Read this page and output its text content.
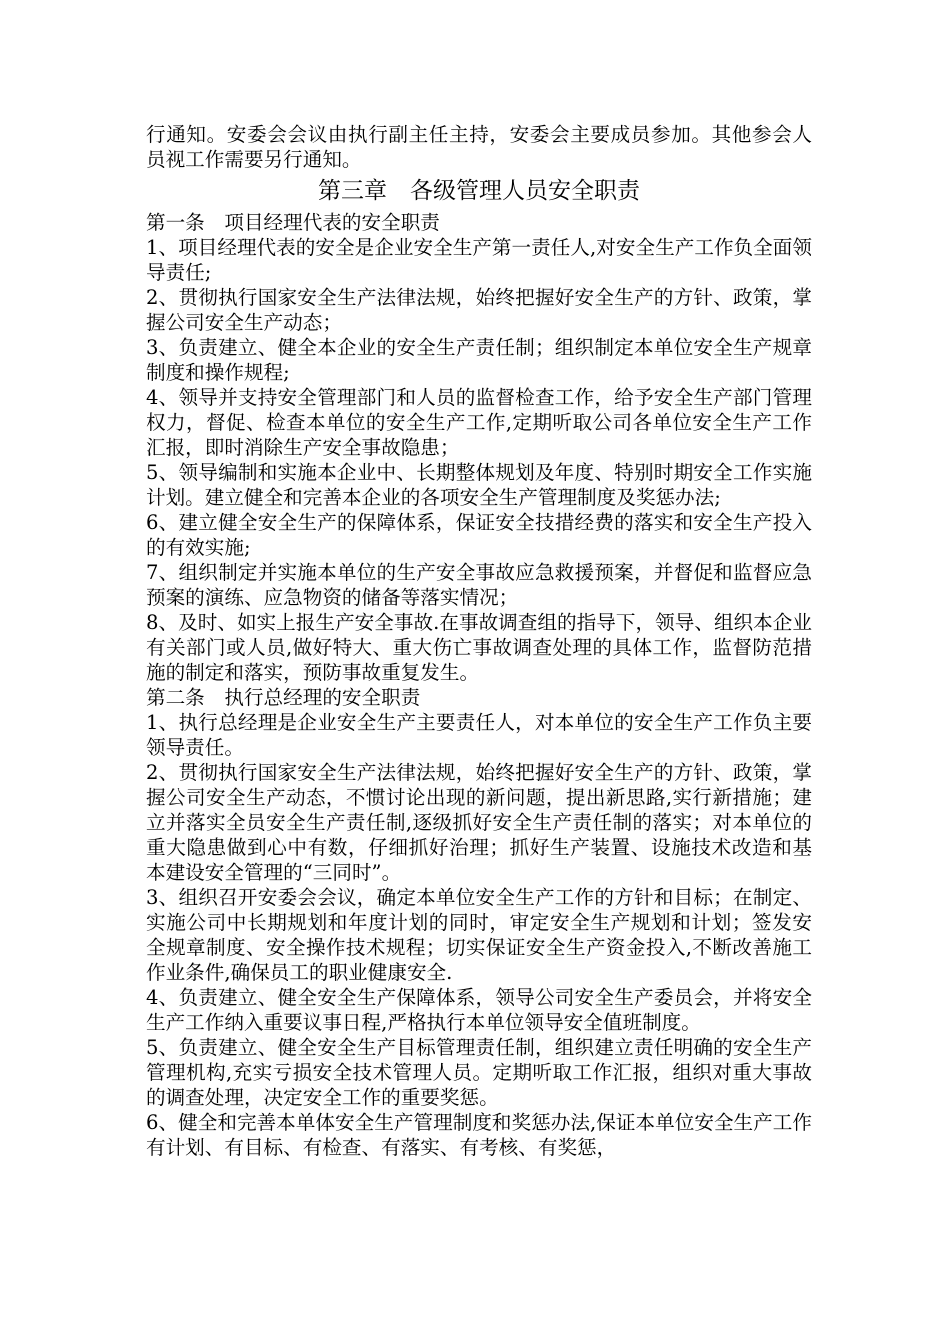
行通知。安委会会议由执行副主任主持，安委会主要成员参加。其他参会人员视工作需要另行通知。

第三章　各级管理人员安全职责

第一条　项目经理代表的安全职责

1、项目经理代表的安全是企业安全生产第一责任人,对安全生产工作负全面领导责任;

2、贯彻执行国家安全生产法律法规，始终把握好安全生产的方针、政策，掌握公司安全生产动态；

3、负责建立、健全本企业的安全生产责任制；组织制定本单位安全生产规章制度和操作规程;

4、领导并支持安全管理部门和人员的监督检查工作，给予安全生产部门管理权力，督促、检查本单位的安全生产工作,定期听取公司各单位安全生产工作汇报，即时消除生产安全事故隐患；

5、领导编制和实施本企业中、长期整体规划及年度、特别时期安全工作实施计划。建立健全和完善本企业的各项安全生产管理制度及奖惩办法;

6、建立健全安全生产的保障体系，保证安全技措经费的落实和安全生产投入的有效实施;

7、组织制定并实施本单位的生产安全事故应急救援预案，并督促和监督应急预案的演练、应急物资的储备等落实情况；

8、及时、如实上报生产安全事故.在事故调查组的指导下，领导、组织本企业有关部门或人员,做好特大、重大伤亡事故调查处理的具体工作，监督防范措施的制定和落实，预防事故重复发生。

第二条　执行总经理的安全职责

1、执行总经理是企业安全生产主要责任人，对本单位的安全生产工作负主要领导责任。

2、贯彻执行国家安全生产法律法规，始终把握好安全生产的方针、政策，掌握公司安全生产动态，不惯讨论出现的新问题，提出新思路,实行新措施；建立并落实全员安全生产责任制,逐级抓好安全生产责任制的落实；对本单位的重大隐患做到心中有数，仔细抓好治理；抓好生产装置、设施技术改造和基本建设安全管理的“三同时”。

3、组织召开安委会会议，确定本单位安全生产工作的方针和目标；在制定、实施公司中长期规划和年度计划的同时，审定安全生产规划和计划；签发安全规章制度、安全操作技术规程；切实保证安全生产资金投入,不断改善施工作业条件,确保员工的职业健康安全.

4、负责建立、健全安全生产保障体系，领导公司安全生产委员会，并将安全生产工作纳入重要议事日程,严格执行本单位领导安全值班制度。

5、负责建立、健全安全生产目标管理责任制，组织建立责任明确的安全生产管理机构,充实亏损安全技术管理人员。定期听取工作汇报，组织对重大事故的调查处理，决定安全工作的重要奖惩。

6、健全和完善本单体安全生产管理制度和奖惩办法,保证本单位安全生产工作有计划、有目标、有检查、有落实、有考核、有奖惩，
